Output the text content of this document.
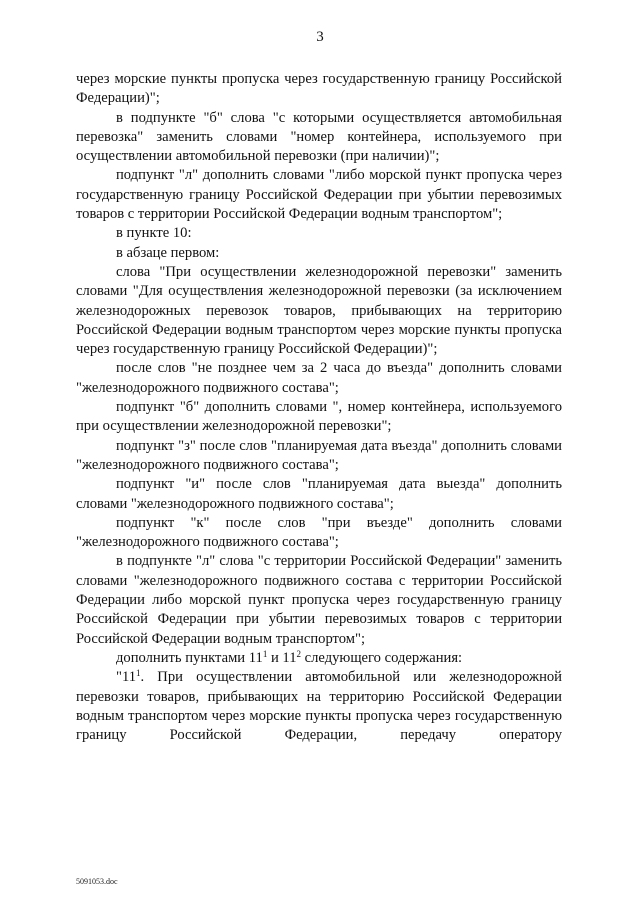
3

через морские пункты пропуска через государственную границу Российской Федерации)";

в подпункте "б" слова "с которыми осуществляется автомобильная перевозка" заменить словами "номер контейнера, используемого при осуществлении автомобильной перевозки (при наличии)";

подпункт "л" дополнить словами "либо морской пункт пропуска через государственную границу Российской Федерации при убытии перевозимых товаров с территории Российской Федерации водным транспортом";

в пункте 10:

в абзаце первом:

слова "При осуществлении железнодорожной перевозки" заменить словами "Для осуществления железнодорожной перевозки (за исключением железнодорожных перевозок товаров, прибывающих на территорию Российской Федерации водным транспортом через морские пункты пропуска через государственную границу Российской Федерации)";

после слов "не позднее чем за 2 часа до въезда" дополнить словами "железнодорожного подвижного состава";

подпункт "б" дополнить словами ", номер контейнера, используемого при осуществлении железнодорожной перевозки";

подпункт "з" после слов "планируемая дата въезда" дополнить словами "железнодорожного подвижного состава";

подпункт "и" после слов "планируемая дата выезда" дополнить словами "железнодорожного подвижного состава";

подпункт "к" после слов "при въезде" дополнить словами "железнодорожного подвижного состава";

в подпункте "л" слова "с территории Российской Федерации" заменить словами "железнодорожного подвижного состава с территории Российской Федерации либо морской пункт пропуска через государственную границу Российской Федерации при убытии перевозимых товаров с территории Российской Федерации водным транспортом";

дополнить пунктами $11^1$ и $11^2$ следующего содержания:

"$11^1$. При осуществлении автомобильной или железнодорожной перевозки товаров, прибывающих на территорию Российской Федерации водным транспортом через морские пункты пропуска через государственную границу Российской Федерации, передачу оператору

5091053.doc
